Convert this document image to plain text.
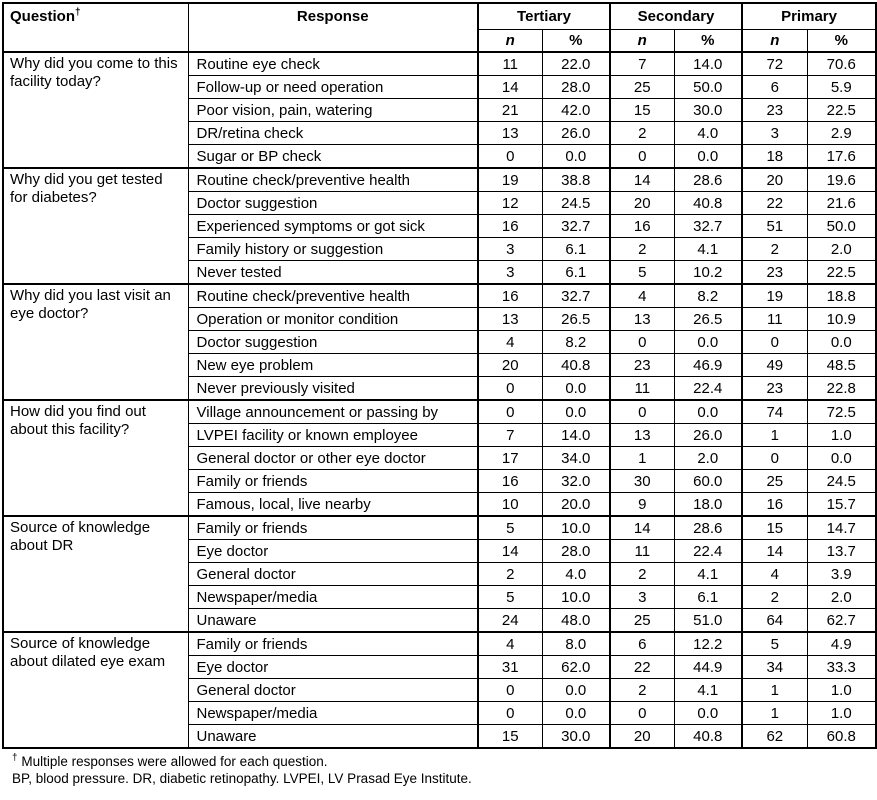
Question†	Response	Tertiary		Secondary		Primary	
		n	%	n	%	n	%
Why did you come to this facility today?	Routine eye check	11	22.0	7	14.0	72	70.6
	Follow-up or need operation	14	28.0	25	50.0	6	5.9
	Poor vision, pain, watering	21	42.0	15	30.0	23	22.5
	DR/retina check	13	26.0	2	4.0	3	2.9
	Sugar or BP check	0	0.0	0	0.0	18	17.6
Why did you get tested for diabetes?	Routine check/preventive health	19	38.8	14	28.6	20	19.6
	Doctor suggestion	12	24.5	20	40.8	22	21.6
	Experienced symptoms or got sick	16	32.7	16	32.7	51	50.0
	Family history or suggestion	3	6.1	2	4.1	2	2.0
	Never tested	3	6.1	5	10.2	23	22.5
Why did you last visit an eye doctor?	Routine check/preventive health	16	32.7	4	8.2	19	18.8
	Operation or monitor condition	13	26.5	13	26.5	11	10.9
	Doctor suggestion	4	8.2	0	0.0	0	0.0
	New eye problem	20	40.8	23	46.9	49	48.5
	Never previously visited	0	0.0	11	22.4	23	22.8
How did you find out about this facility?	Village announcement or passing by	0	0.0	0	0.0	74	72.5
	LVPEI facility or known employee	7	14.0	13	26.0	1	1.0
	General doctor or other eye doctor	17	34.0	1	2.0	0	0.0
	Family or friends	16	32.0	30	60.0	25	24.5
	Famous, local, live nearby	10	20.0	9	18.0	16	15.7
Source of knowledge about DR	Family or friends	5	10.0	14	28.6	15	14.7
	Eye doctor	14	28.0	11	22.4	14	13.7
	General doctor	2	4.0	2	4.1	4	3.9
	Newspaper/media	5	10.0	3	6.1	2	2.0
	Unaware	24	48.0	25	51.0	64	62.7
Source of knowledge about dilated eye exam	Family or friends	4	8.0	6	12.2	5	4.9
	Eye doctor	31	62.0	22	44.9	34	33.3
	General doctor	0	0.0	2	4.1	1	1.0
	Newspaper/media	0	0.0	0	0.0	1	1.0
	Unaware	15	30.0	20	40.8	62	60.8
† Multiple responses were allowed for each question.
BP, blood pressure. DR, diabetic retinopathy. LVPEI, LV Prasad Eye Institute.
